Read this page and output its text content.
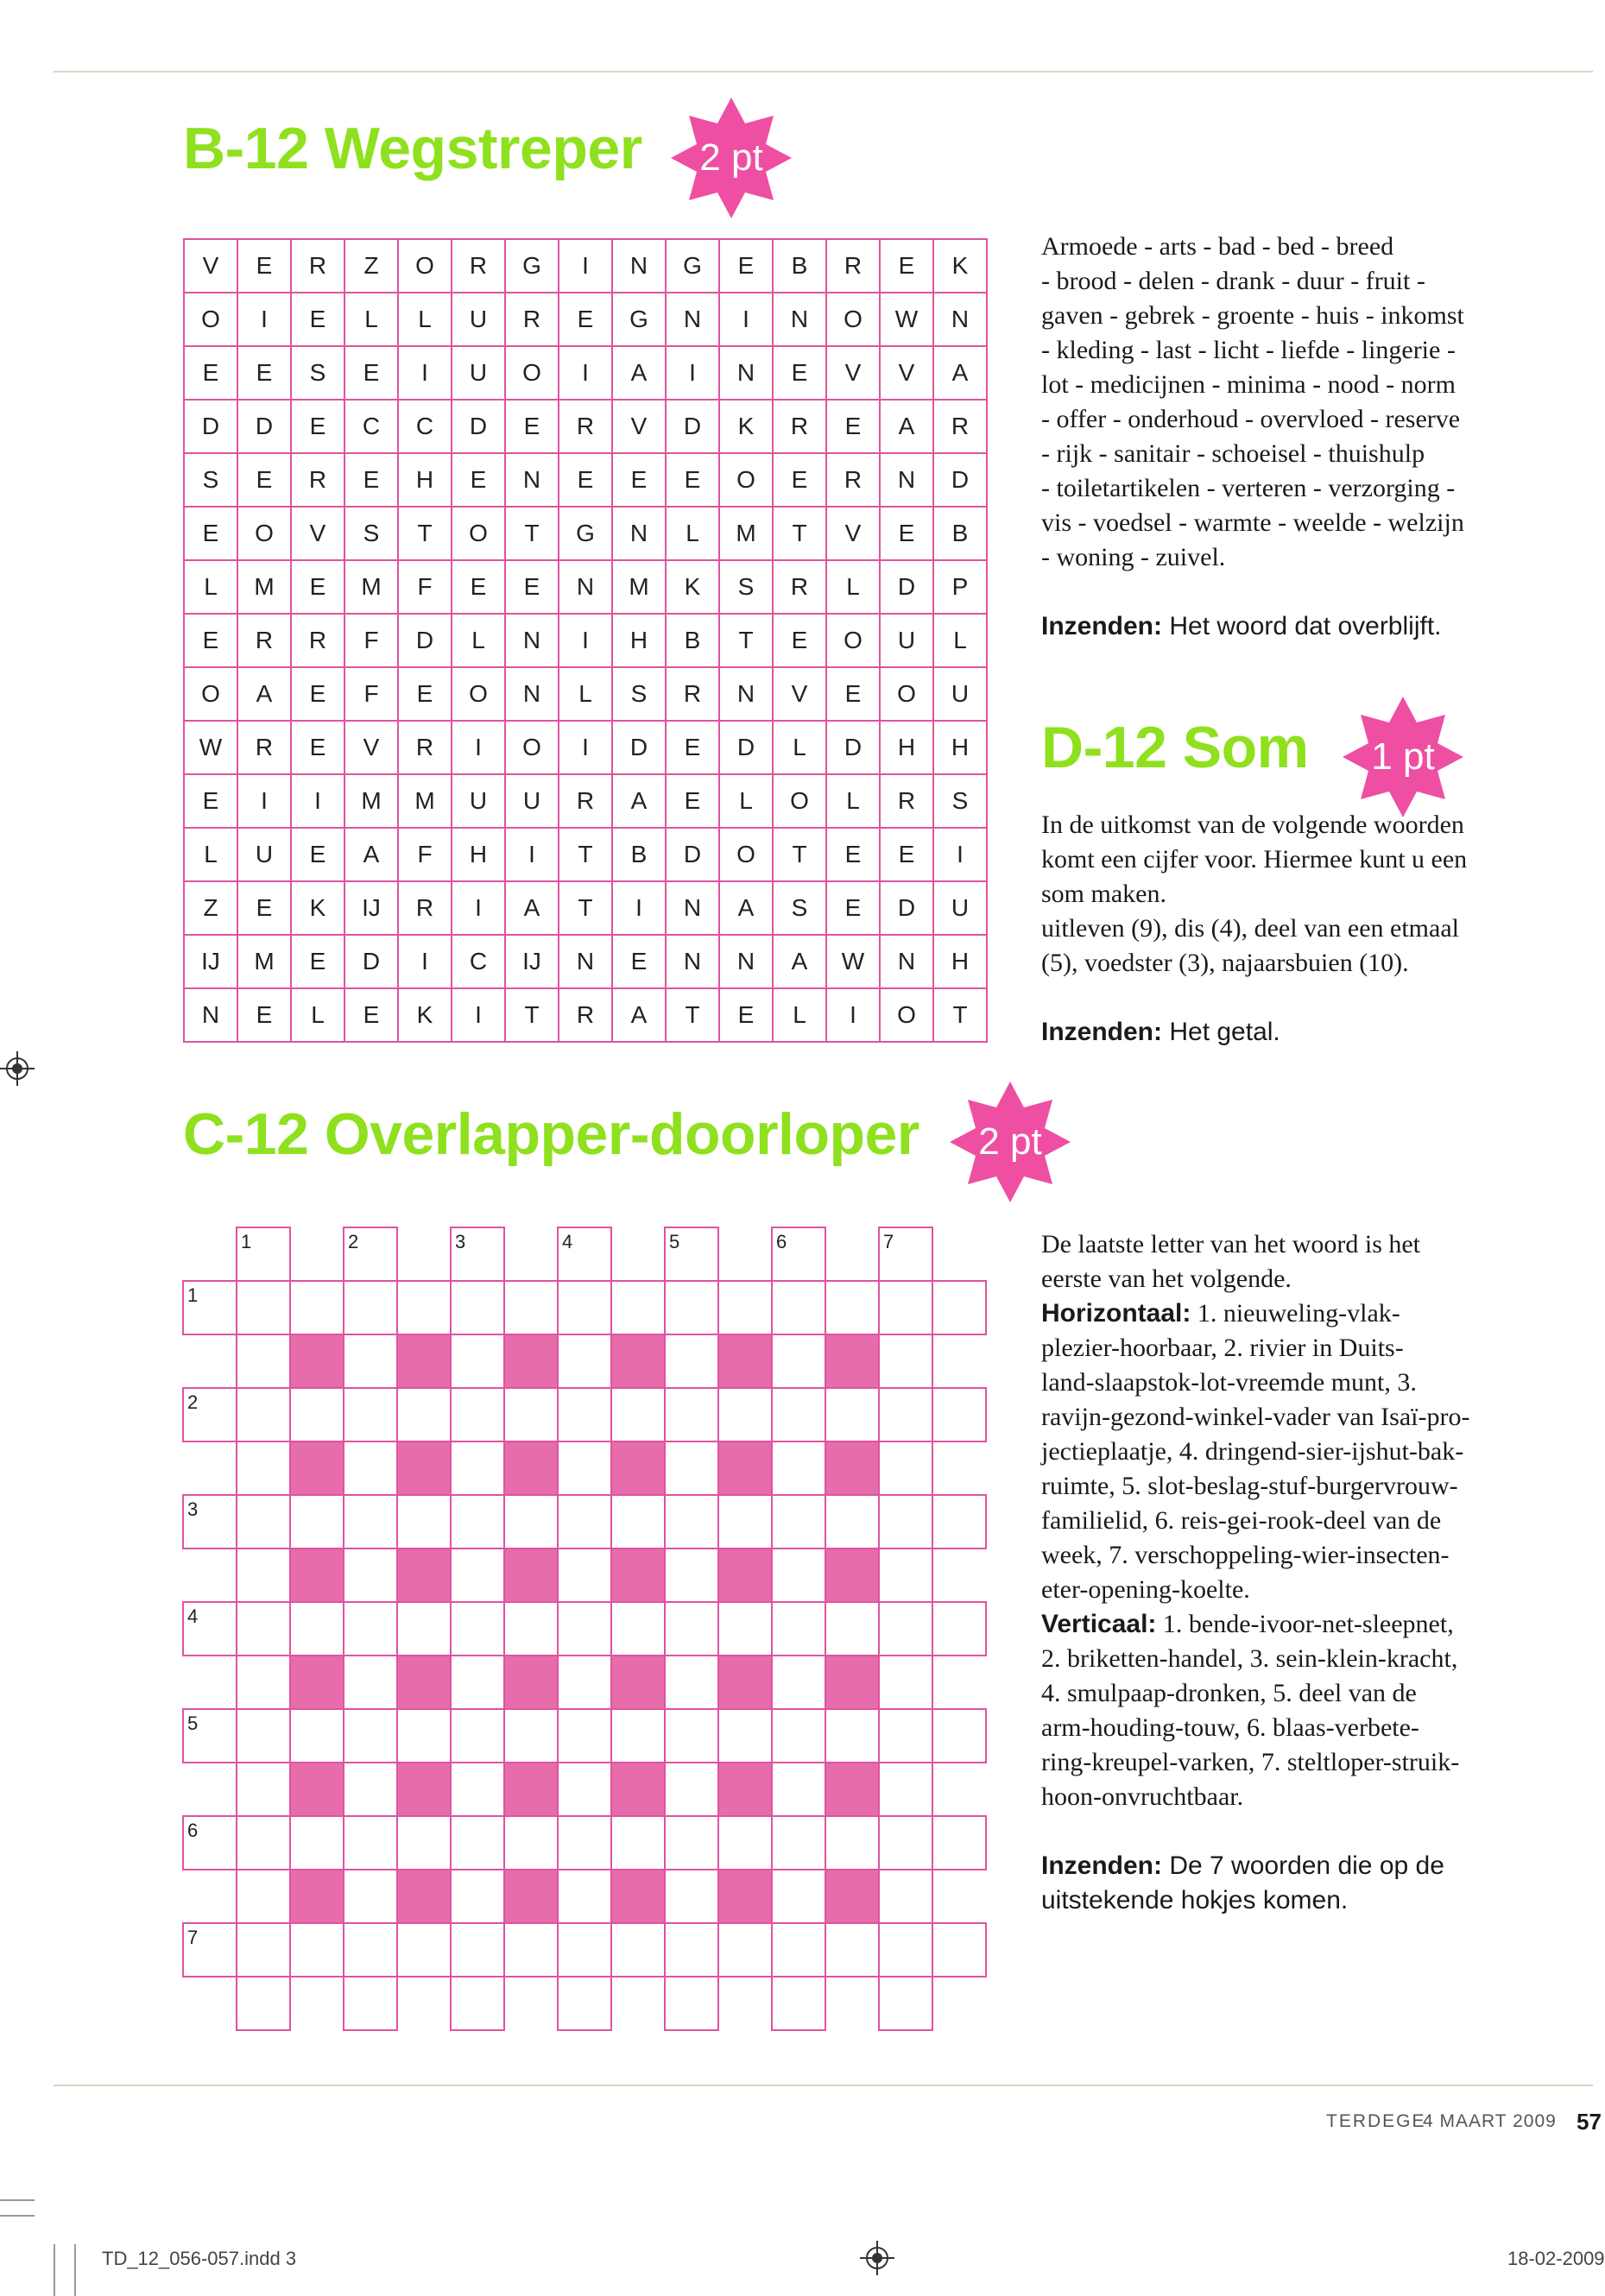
B-12 Wegstreper	2 pt
V	E	R	Z	O	R	G	I	N	G	E	B	R	E	K
O	I	E	L	L	U	R	E	G	N	I	N	O	W	N
E	E	S	E	I	U	O	I	A	I	N	E	V	V	A
D	D	E	C	C	D	E	R	V	D	K	R	E	A	R
S	E	R	E	H	E	N	E	E	E	O	E	R	N	D
E	O	V	S	T	O	T	G	N	L	M	T	V	E	B
L	M	E	M	F	E	E	N	M	K	S	R	L	D	P
E	R	R	F	D	L	N	I	H	B	T	E	O	U	L
O	A	E	F	E	O	N	L	S	R	N	V	E	O	U
W	R	E	V	R	I	O	I	D	E	D	L	D	H	H
E	I	I	M	M	U	U	R	A	E	L	O	L	R	S
L	U	E	A	F	H	I	T	B	D	O	T	E	E	I
Z	E	K	IJ	R	I	A	T	I	N	A	S	E	D	U
IJ	M	E	D	I	C	IJ	N	E	N	N	A	W	N	H
N	E	L	E	K	I	T	R	A	T	E	L	I	O	T
Armoede - arts - bad - bed - breed
- brood - delen - drank - duur - fruit -
gaven - gebrek - groente - huis - inkomst
- kleding - last - licht - liefde - lingerie -
lot - medicijnen - minima - nood - norm
- offer - onderhoud - overvloed - reserve
- rijk - sanitair - schoeisel - thuishulp
- toiletartikelen - verteren - verzorging -
vis - voedsel - warmte - weelde - welzijn
- woning - zuivel.
Inzenden: Het woord dat overblijft.
D-12 Som	1 pt
In de uitkomst van de volgende woorden
komt een cijfer voor. Hiermee kunt u een
som maken.
uitleven (9), dis (4), deel van een etmaal
(5), voedster (3), najaarsbuien (10).
Inzenden: Het getal.
C-12 Overlapper-doorloper	2 pt
1	2	3	4	5	6	7
1
2
3
4
5
6
7
De laatste letter van het woord is het
eerste van het volgende.
Horizontaal: 1. nieuweling-vlak-
plezier-hoorbaar, 2. rivier in Duits-
land-slaapstok-lot-vreemde munt, 3.
ravijn-gezond-winkel-vader van Isaï-pro-
jectieplaatje, 4. dringend-sier-ijshut-bak-
ruimte, 5. slot-beslag-stuf-burgervrouw-
familielid, 6. reis-gei-rook-deel van de
week, 7. verschoppeling-wier-insecten-
eter-opening-koelte.
Verticaal: 1. bende-ivoor-net-sleepnet,
2. briketten-handel, 3. sein-klein-kracht,
4. smulpaap-dronken, 5. deel van de
arm-houding-touw, 6. blaas-verbete-
ring-kreupel-varken, 7. steltloper-struik-
hoon-onvruchtbaar.
Inzenden: De 7 woorden die op de
uitstekende hokjes komen.
TERDEGE
4 MAART 2009 57
TD_12_056-057.indd 3	18-02-2009
